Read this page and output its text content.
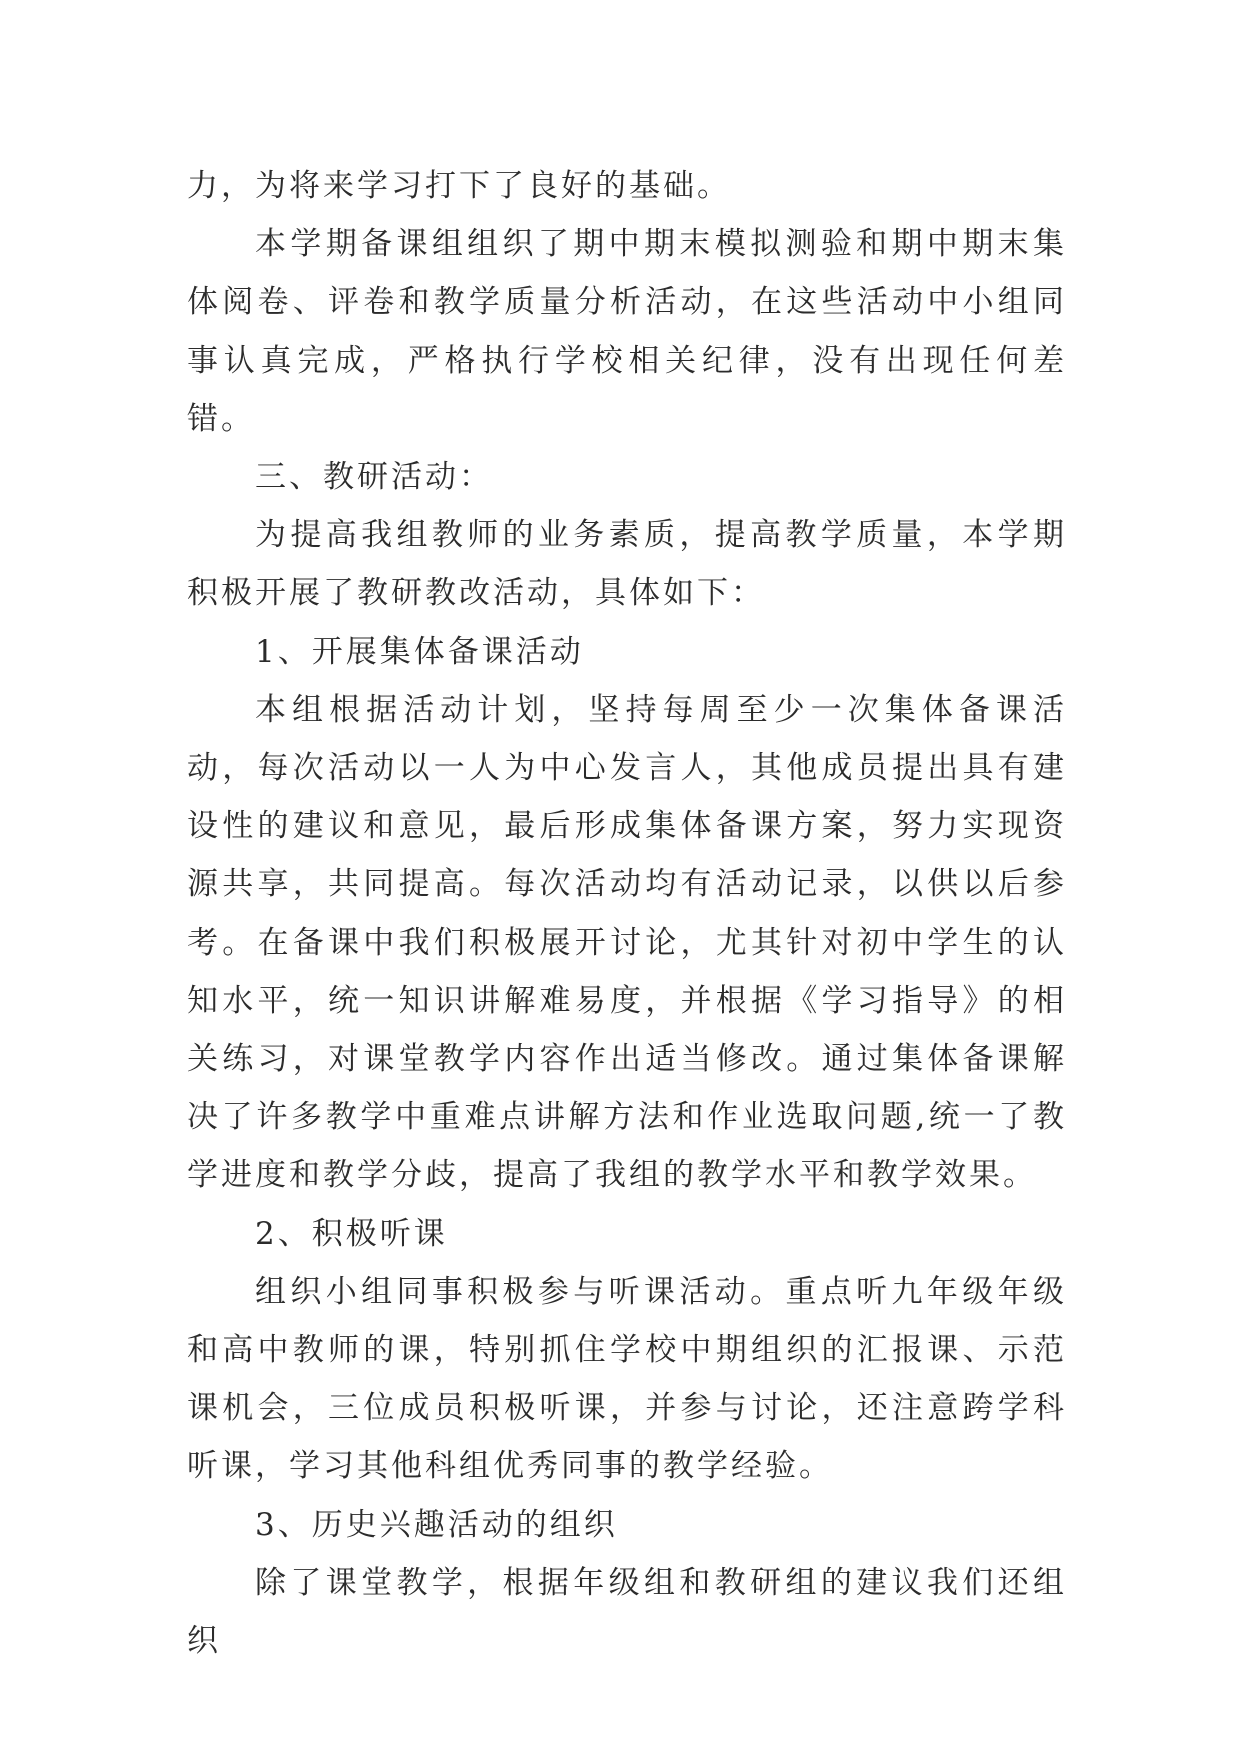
力，为将来学习打下了良好的基础。

本学期备课组组织了期中期末模拟测验和期中期末集体阅卷、评卷和教学质量分析活动，在这些活动中小组同事认真完成，严格执行学校相关纪律，没有出现任何差错。

三、教研活动：

为提高我组教师的业务素质，提高教学质量，本学期积极开展了教研教改活动，具体如下：

1、开展集体备课活动

本组根据活动计划，坚持每周至少一次集体备课活动，每次活动以一人为中心发言人，其他成员提出具有建设性的建议和意见，最后形成集体备课方案，努力实现资源共享，共同提高。每次活动均有活动记录，以供以后参考。在备课中我们积极展开讨论，尤其针对初中学生的认知水平，统一知识讲解难易度，并根据《学习指导》的相关练习，对课堂教学内容作出适当修改。通过集体备课解决了许多教学中重难点讲解方法和作业选取问题,统一了教学进度和教学分歧，提高了我组的教学水平和教学效果。

2、积极听课

组织小组同事积极参与听课活动。重点听九年级年级和高中教师的课，特别抓住学校中期组织的汇报课、示范课机会，三位成员积极听课，并参与讨论，还注意跨学科听课，学习其他科组优秀同事的教学经验。

3、历史兴趣活动的组织

除了课堂教学，根据年级组和教研组的建议我们还组织
